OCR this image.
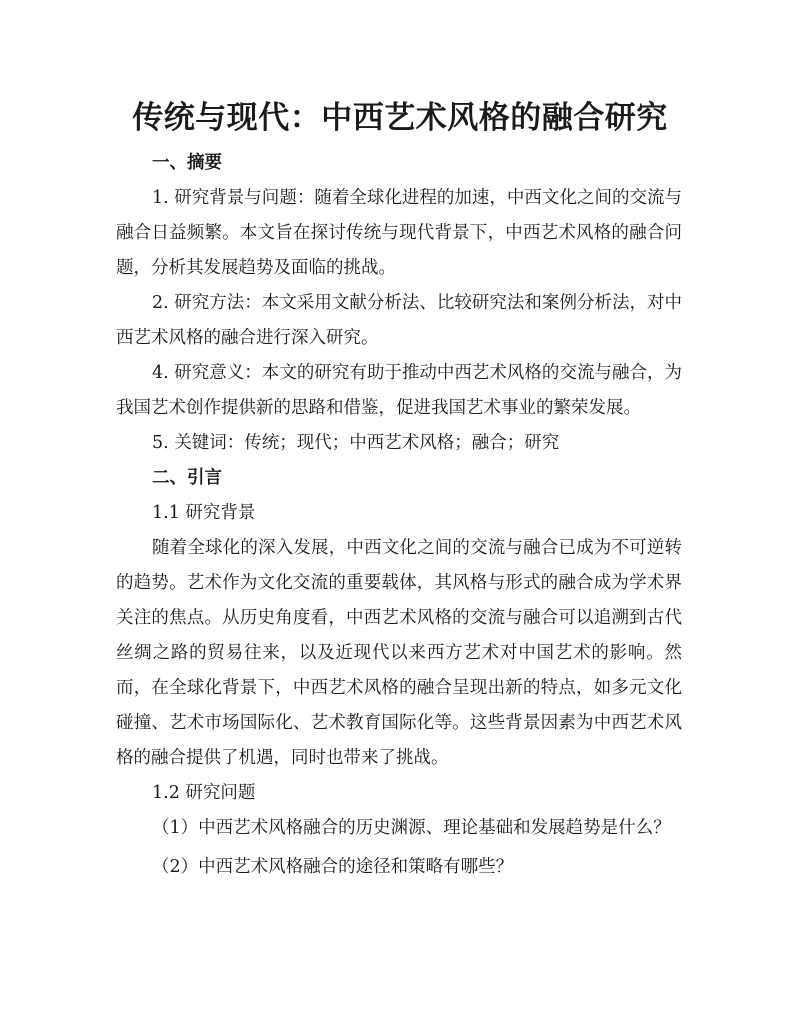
传统与现代：中西艺术风格的融合研究
一、摘要

1. 研究背景与问题：随着全球化进程的加速，中西文化之间的交流与融合日益频繁。本文旨在探讨传统与现代背景下，中西艺术风格的融合问题，分析其发展趋势及面临的挑战。

2. 研究方法：本文采用文献分析法、比较研究法和案例分析法，对中西艺术风格的融合进行深入研究。

4. 研究意义：本文的研究有助于推动中西艺术风格的交流与融合，为我国艺术创作提供新的思路和借鉴，促进我国艺术事业的繁荣发展。

5. 关键词：传统；现代；中西艺术风格；融合；研究

二、引言

1.1 研究背景

随着全球化的深入发展，中西文化之间的交流与融合已成为不可逆转的趋势。艺术作为文化交流的重要载体，其风格与形式的融合成为学术界关注的焦点。从历史角度看，中西艺术风格的交流与融合可以追溯到古代丝绸之路的贸易往来，以及近现代以来西方艺术对中国艺术的影响。然而，在全球化背景下，中西艺术风格的融合呈现出新的特点，如多元文化碰撞、艺术市场国际化、艺术教育国际化等。这些背景因素为中西艺术风格的融合提供了机遇，同时也带来了挑战。

1.2 研究问题

（1）中西艺术风格融合的历史渊源、理论基础和发展趋势是什么？

（2）中西艺术风格融合的途径和策略有哪些？
